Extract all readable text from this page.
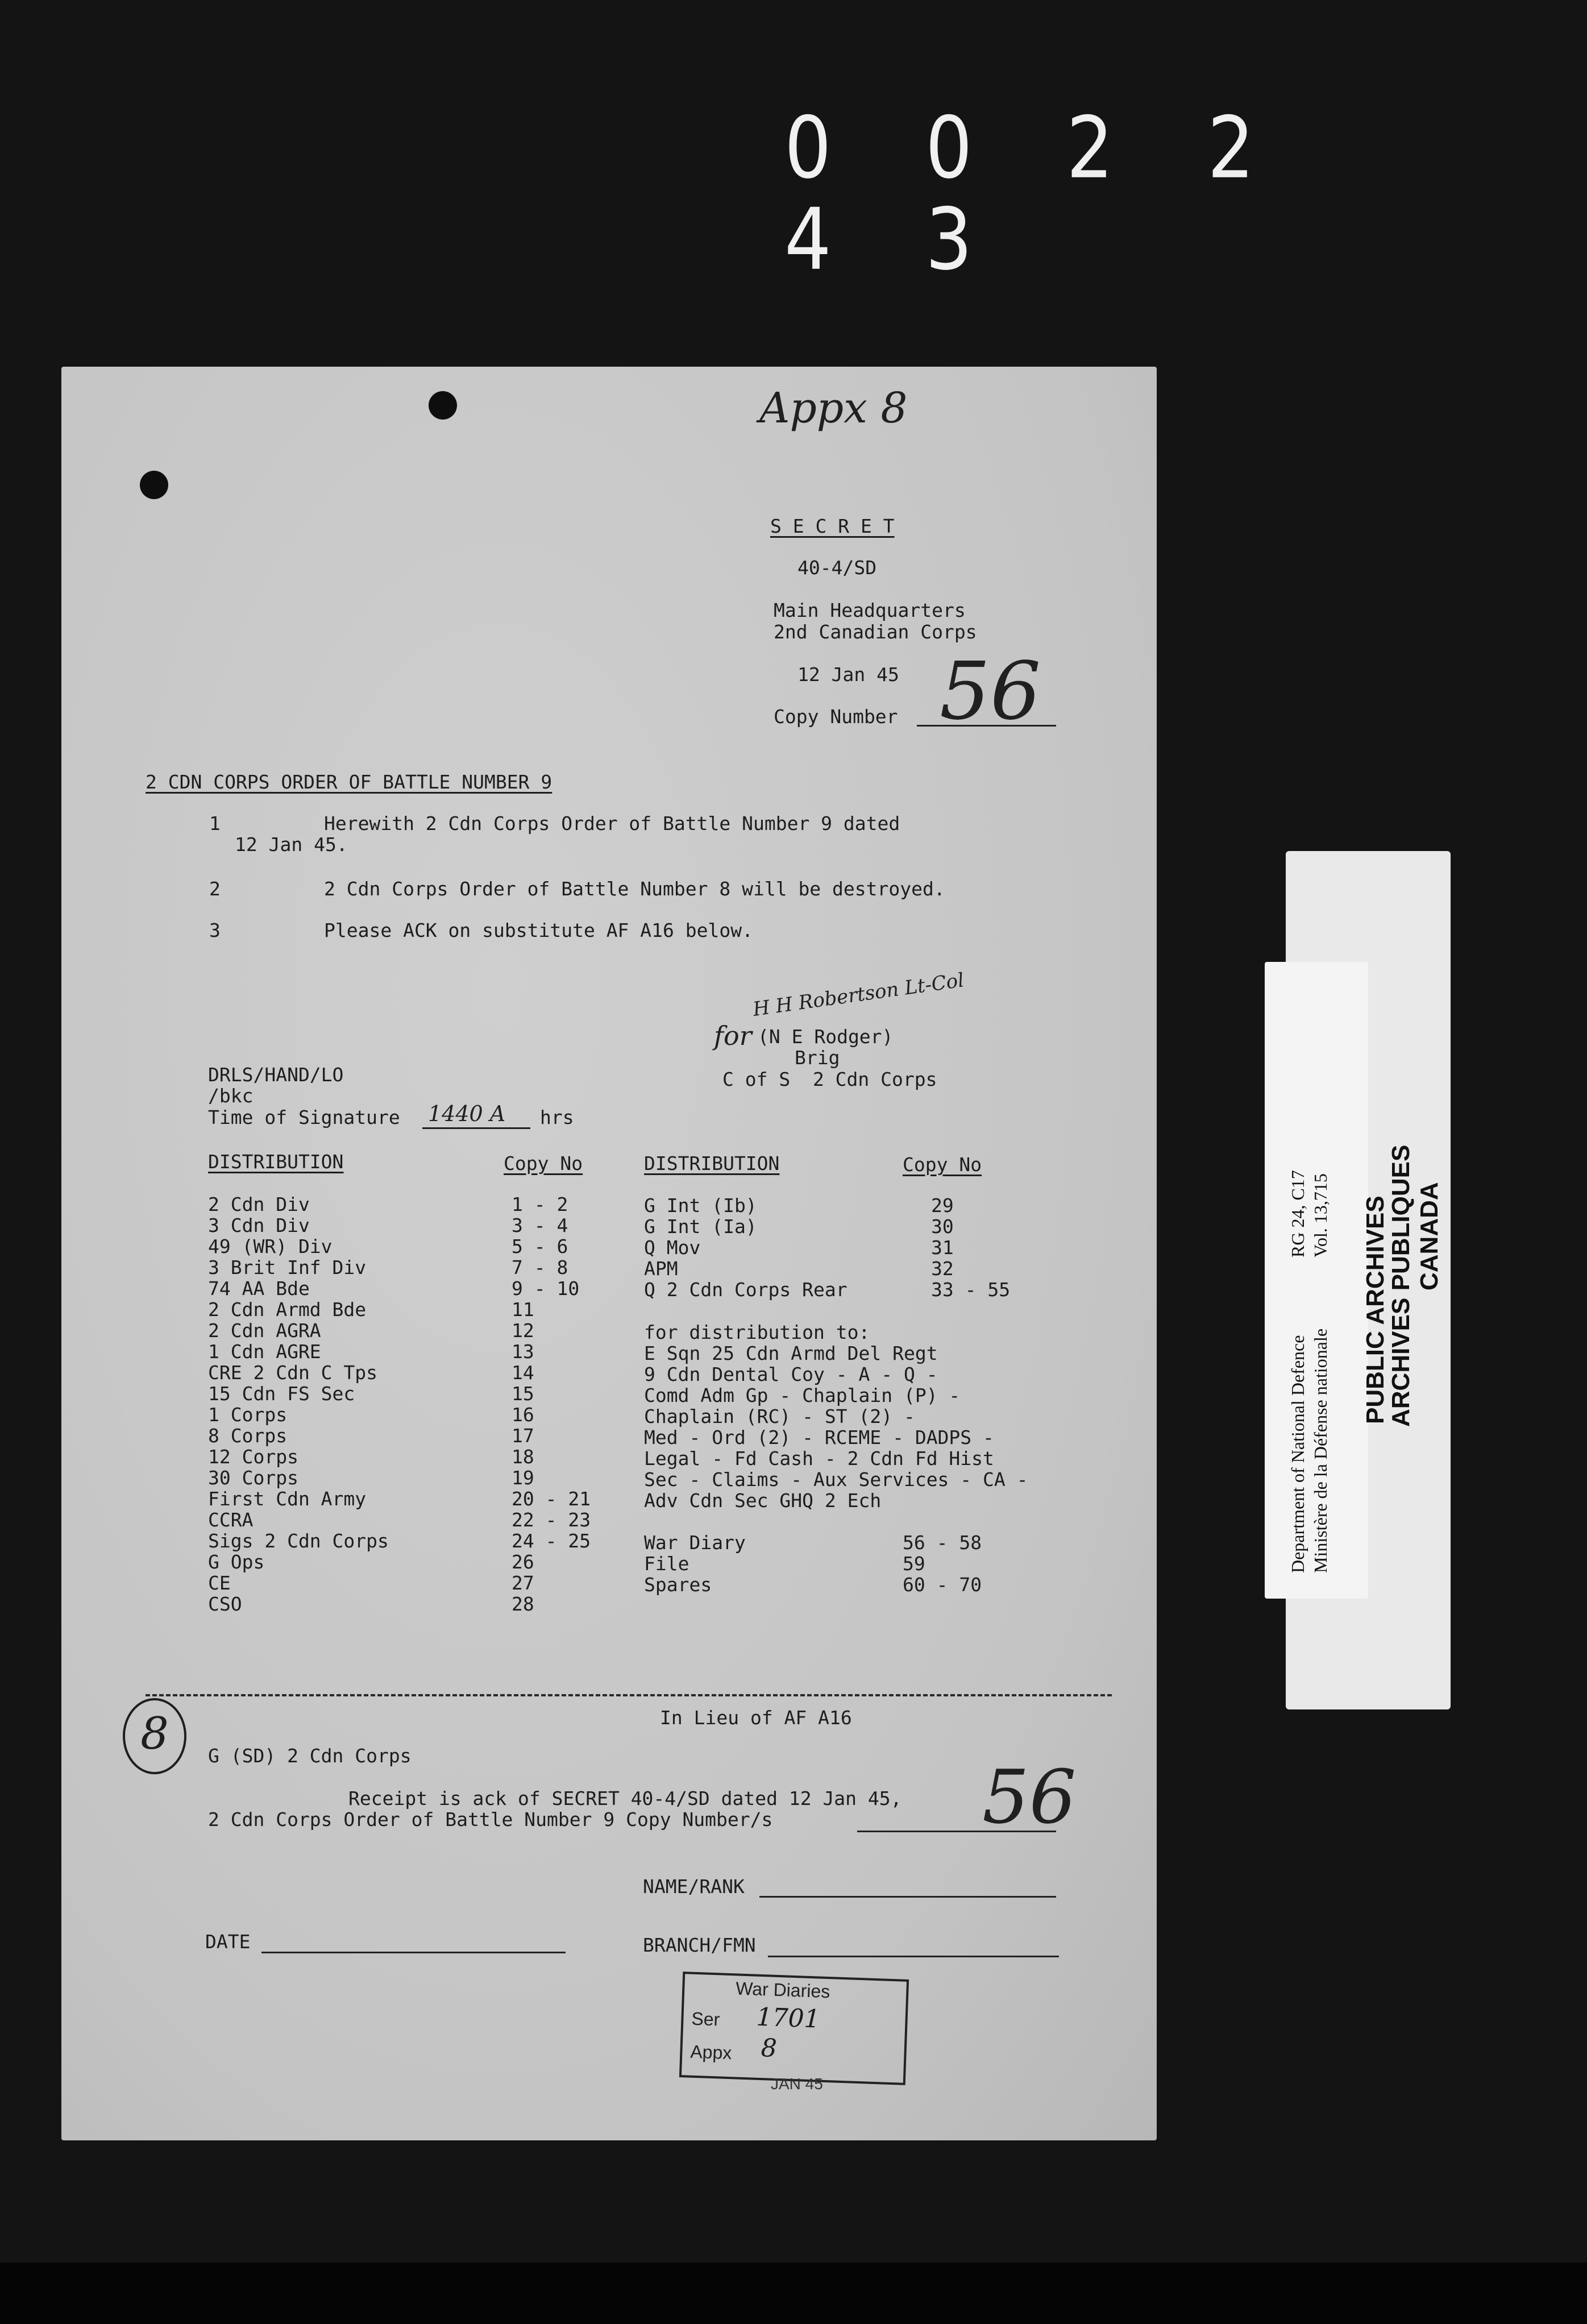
0 0 2 2 4 3
Appx 8
S E C R E T
40-4/SD
Main Headquarters
2nd Canadian Corps
12 Jan 45
Copy Number 56
2 CDN CORPS ORDER OF BATTLE NUMBER 9
1	Herewith 2 Cdn Corps Order of Battle Number 9 dated
12 Jan 45.
2	2 Cdn Corps Order of Battle Number 8 will be destroyed.
3	Please ACK on substitute AF A16 below.
H H Robertson Lt-Col
for (N E Rodger)
Brig
C of S  2 Cdn Corps
DRLS/HAND/LO
/bkc
Time of Signature 1440 A hrs
DISTRIBUTION	Copy No	DISTRIBUTION	Copy No
2 Cdn Div	1 - 2
3 Cdn Div	3 - 4
49 (WR) Div	5 - 6
3 Brit Inf Div	7 - 8
74 AA Bde	9 - 10
2 Cdn Armd Bde	11
2 Cdn AGRA	12
1 Cdn AGRE	13
CRE 2 Cdn C Tps	14
15 Cdn FS Sec	15
1 Corps	16
8 Corps	17
12 Corps	18
30 Corps	19
First Cdn Army	20 - 21
CCRA	22 - 23
Sigs 2 Cdn Corps	24 - 25
G Ops	26
CE	27
CSO	28
G Int (Ib)	29
G Int (Ia)	30
Q Mov	31
APM	32
Q 2 Cdn Corps Rear	33 - 55
for distribution to:
E Sqn 25 Cdn Armd Del Regt
9 Cdn Dental Coy - A - Q -
Comd Adm Gp - Chaplain (P) -
Chaplain (RC) - ST (2) -
Med - Ord (2) - RCEME - DADPS -
Legal - Fd Cash - 2 Cdn Fd Hist
Sec - Claims - Aux Services - CA -
Adv Cdn Sec GHQ 2 Ech
War Diary	56 - 58
File	59
Spares	60 - 70
8	In Lieu of AF A16
G (SD) 2 Cdn Corps
Receipt is ack of SECRET 40-4/SD dated 12 Jan 45,
2 Cdn Corps Order of Battle Number 9 Copy Number/s	56
NAME/RANK
DATE	BRANCH/FMN
War Diaries
Ser 1701
Appx 8
JAN 45
Department of National Defence Ministère de la Défense nationale
RG 24, C17 Vol. 13,715 PUBLIC ARCHIVES
ARCHIVES PUBLIQUES CANADA
